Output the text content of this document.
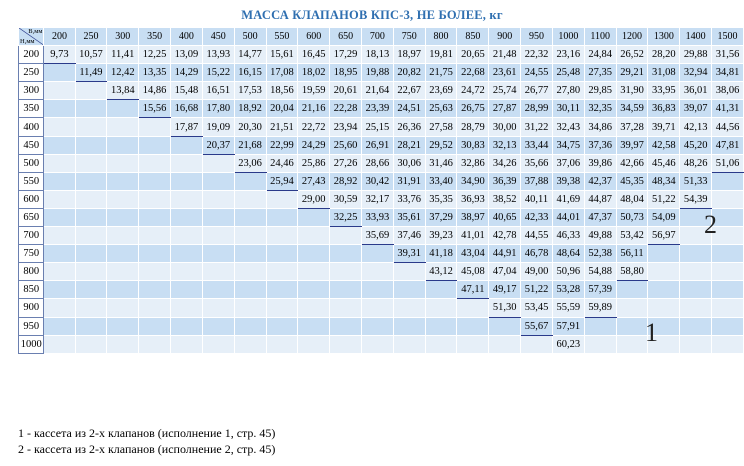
МАССА КЛАПАНОВ КПС-3, НЕ БОЛЕЕ, кг
В,мм
Н,мм	200	250	300	350	400	450	500	550	600	650	700	750	800	850	900	950	1000	1100	1200	1300	1400	1500
200	9,73	10,57	11,41	12,25	13,09	13,93	14,77	15,61	16,45	17,29	18,13	18,97	19,81	20,65	21,48	22,32	23,16	24,84	26,52	28,20	29,88	31,56
250		11,49	12,42	13,35	14,29	15,22	16,15	17,08	18,02	18,95	19,88	20,82	21,75	22,68	23,61	24,55	25,48	27,35	29,21	31,08	32,94	34,81
300			13,84	14,86	15,48	16,51	17,53	18,56	19,59	20,61	21,64	22,67	23,69	24,72	25,74	26,77	27,80	29,85	31,90	33,95	36,01	38,06
350				15,56	16,68	17,80	18,92	20,04	21,16	22,28	23,39	24,51	25,63	26,75	27,87	28,99	30,11	32,35	34,59	36,83	39,07	41,31
400					17,87	19,09	20,30	21,51	22,72	23,94	25,15	26,36	27,58	28,79	30,00	31,22	32,43	34,86	37,28	39,71	42,13	44,56
450						20,37	21,68	22,99	24,29	25,60	26,91	28,21	29,52	30,83	32,13	33,44	34,75	37,36	39,97	42,58	45,20	47,81
500							23,06	24,46	25,86	27,26	28,66	30,06	31,46	32,86	34,26	35,66	37,06	39,86	42,66	45,46	48,26	51,06
550								25,94	27,43	28,92	30,42	31,91	33,40	34,90	36,39	37,88	39,38	42,37	45,35	48,34	51,33	
600									29,00	30,59	32,17	33,76	35,35	36,93	38,52	40,11	41,69	44,87	48,04	51,22	54,39	
650										32,25	33,93	35,61	37,29	38,97	40,65	42,33	44,01	47,37	50,73	54,09		
700											35,69	37,46	39,23	41,01	42,78	44,55	46,33	49,88	53,42	56,97		
750												39,31	41,18	43,04	44,91	46,78	48,64	52,38	56,11			
800													43,12	45,08	47,04	49,00	50,96	54,88	58,80			
850														47,11	49,17	51,22	53,28	57,39				
900															51,30	53,45	55,59	59,89				
950																55,67	57,91					
1000																	60,23					1
2
1 - кассета из 2-х клапанов (исполнение 1, стр. 45)
2 - кассета из 2-х клапанов (исполнение 2, стр. 45)
